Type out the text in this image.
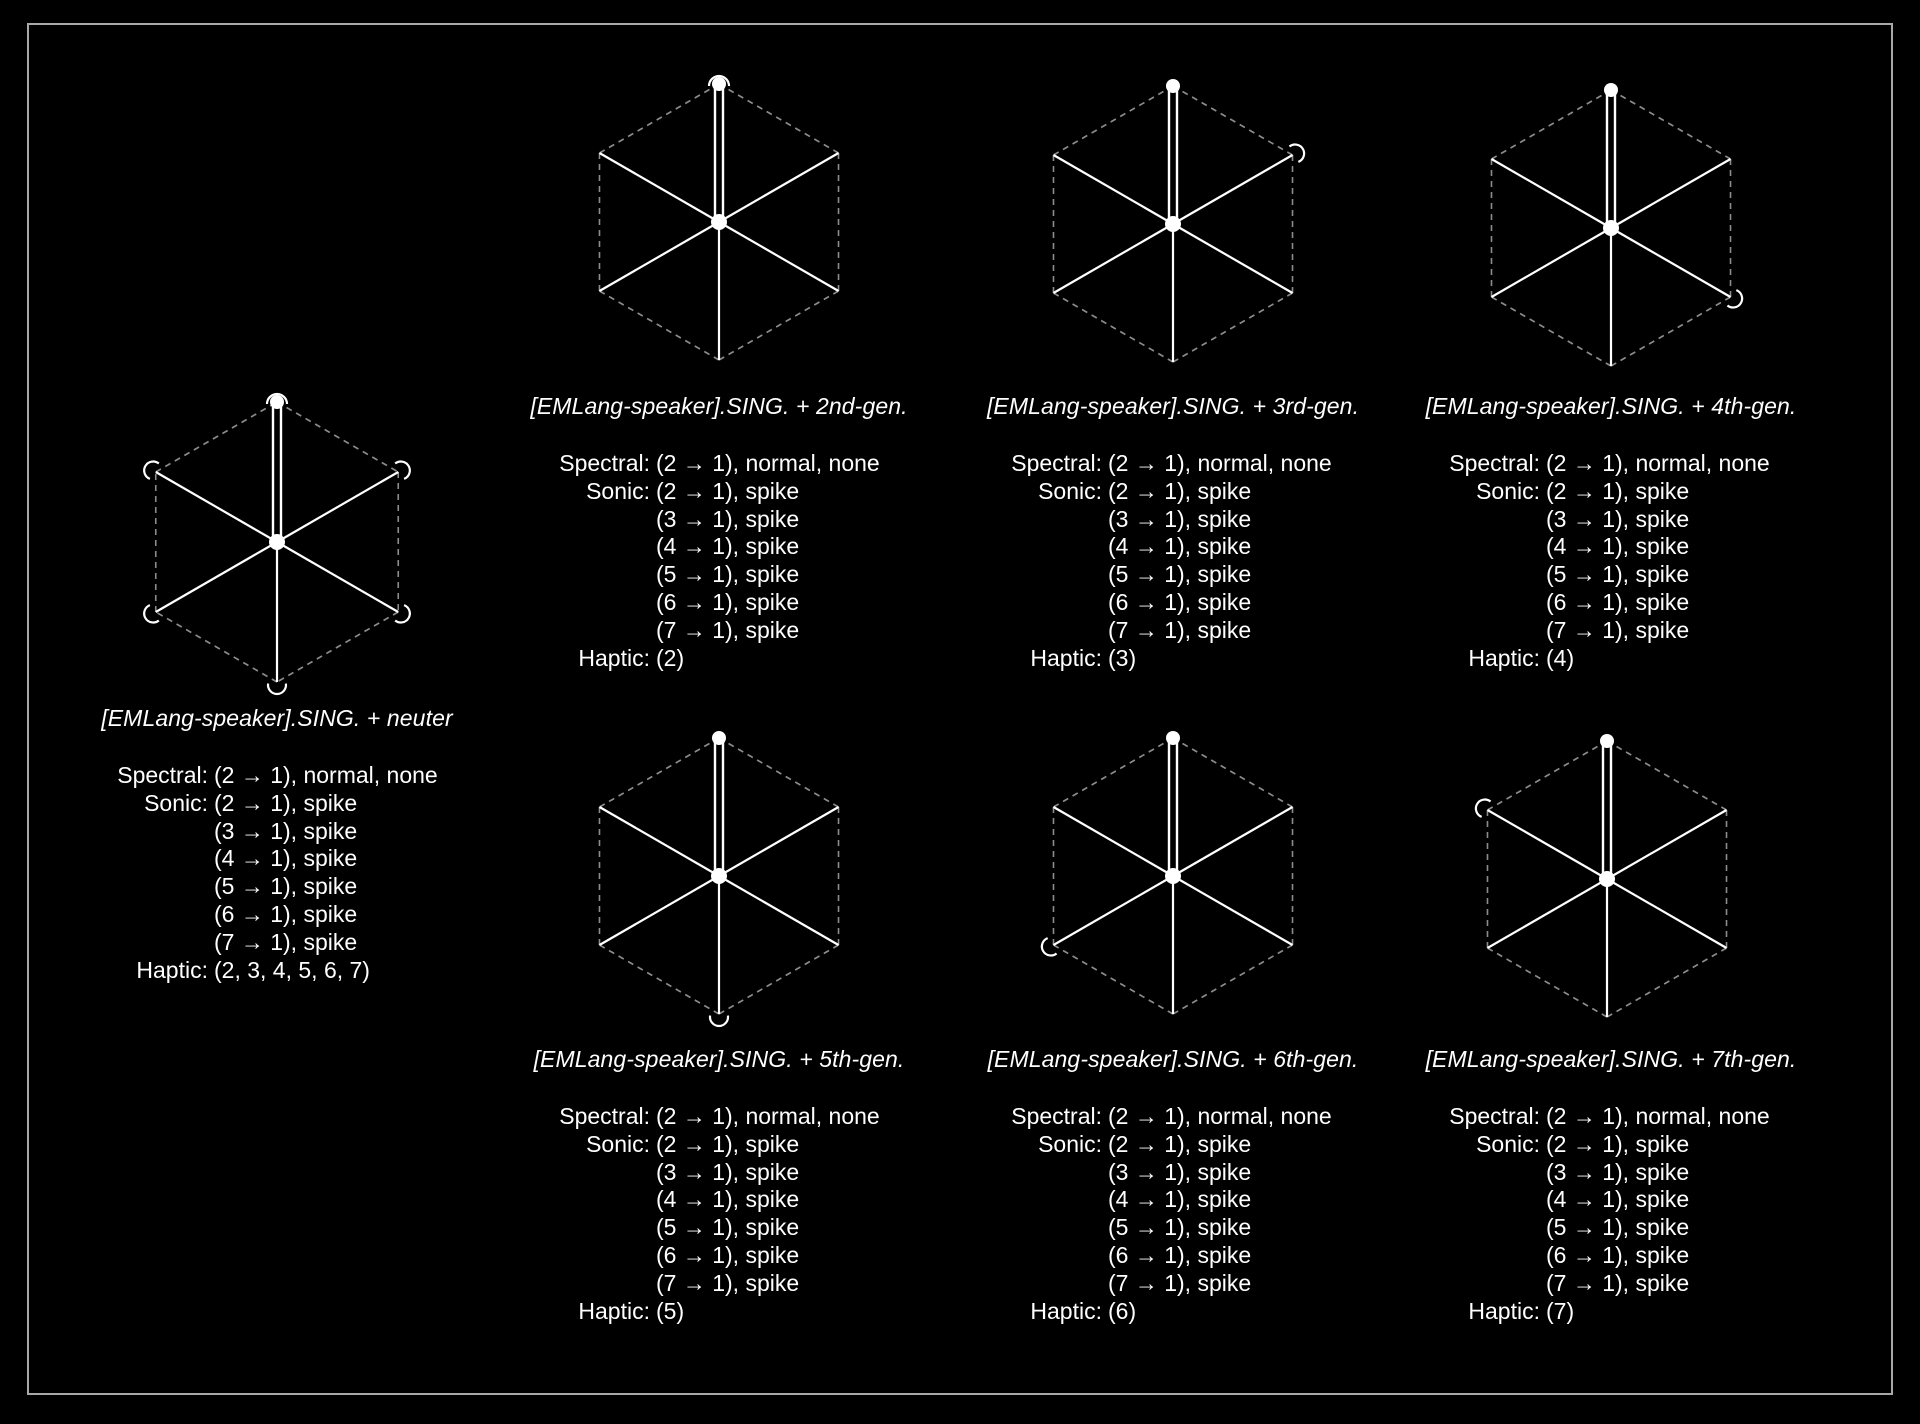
[EMLang-speaker].SING. + neuter
Spectral: (2 → 1), normal, none
Sonic: (2 → 1), spike
(3 → 1), spike
(4 → 1), spike
(5 → 1), spike
(6 → 1), spike
(7 → 1), spike
Haptic: (2, 3, 4, 5, 6, 7)
[EMLang-speaker].SING. + 2nd-gen.
Spectral: (2 → 1), normal, none
Sonic: (2 → 1), spike
(3 → 1), spike
(4 → 1), spike
(5 → 1), spike
(6 → 1), spike
(7 → 1), spike
Haptic: (2)
[EMLang-speaker].SING. + 3rd-gen.
Spectral: (2 → 1), normal, none
Sonic: (2 → 1), spike
(3 → 1), spike
(4 → 1), spike
(5 → 1), spike
(6 → 1), spike
(7 → 1), spike
Haptic: (3)
[EMLang-speaker].SING. + 4th-gen.
Spectral: (2 → 1), normal, none
Sonic: (2 → 1), spike
(3 → 1), spike
(4 → 1), spike
(5 → 1), spike
(6 → 1), spike
(7 → 1), spike
Haptic: (4)
[EMLang-speaker].SING. + 5th-gen.
Spectral: (2 → 1), normal, none
Sonic: (2 → 1), spike
(3 → 1), spike
(4 → 1), spike
(5 → 1), spike
(6 → 1), spike
(7 → 1), spike
Haptic: (5)
[EMLang-speaker].SING. + 6th-gen.
Spectral: (2 → 1), normal, none
Sonic: (2 → 1), spike
(3 → 1), spike
(4 → 1), spike
(5 → 1), spike
(6 → 1), spike
(7 → 1), spike
Haptic: (6)
[EMLang-speaker].SING. + 7th-gen.
Spectral: (2 → 1), normal, none
Sonic: (2 → 1), spike
(3 → 1), spike
(4 → 1), spike
(5 → 1), spike
(6 → 1), spike
(7 → 1), spike
Haptic: (7)
